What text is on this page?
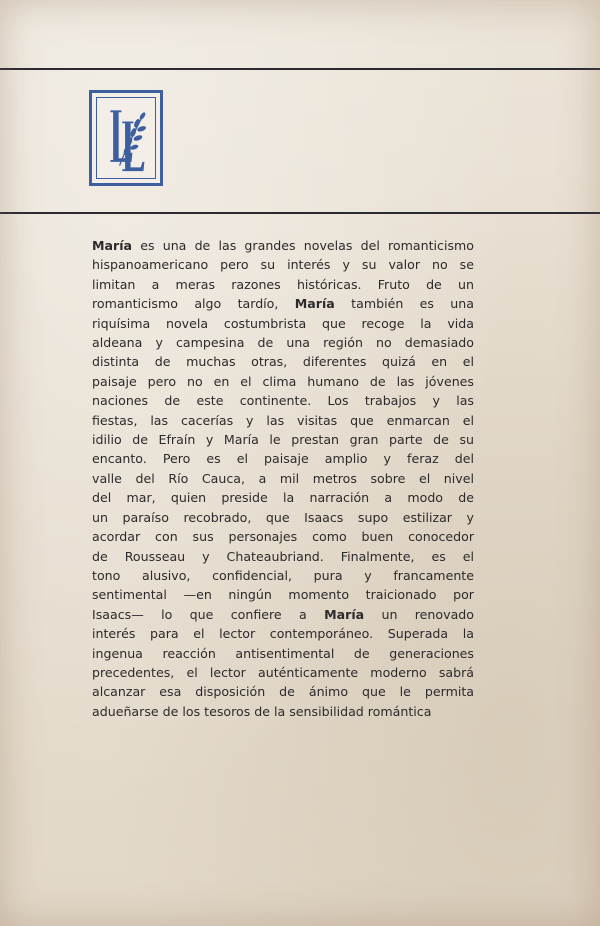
María es una de las grandes novelas del romanticismo
hispanoamericano pero su interés y su valor no se
limitan a meras razones históricas. Fruto de un
romanticismo algo tardío, María también es una
riquísima novela costumbrista que recoge la vida
aldeana y campesina de una región no demasiado
distinta de muchas otras, diferentes quizá en el
paisaje pero no en el clima humano de las jóvenes
naciones de este continente. Los trabajos y las
fiestas, las cacerías y las visitas que enmarcan el
idilio de Efraín y María le prestan gran parte de su
encanto. Pero es el paisaje amplio y feraz del
valle del Río Cauca, a mil metros sobre el nivel
del mar, quien preside la narración a modo de
un paraíso recobrado, que Isaacs supo estilizar y
acordar con sus personajes como buen conocedor
de Rousseau y Chateaubriand. Finalmente, es el
tono alusivo, confidencial, pura y francamente
sentimental —en ningún momento traicionado por
Isaacs— lo que confiere a María un renovado
interés para el lector contemporáneo. Superada la
ingenua reacción antisentimental de generaciones
precedentes, el lector auténticamente moderno sabrá
alcanzar esa disposición de ánimo que le permita
adueñarse de los tesoros de la sensibilidad romántica
